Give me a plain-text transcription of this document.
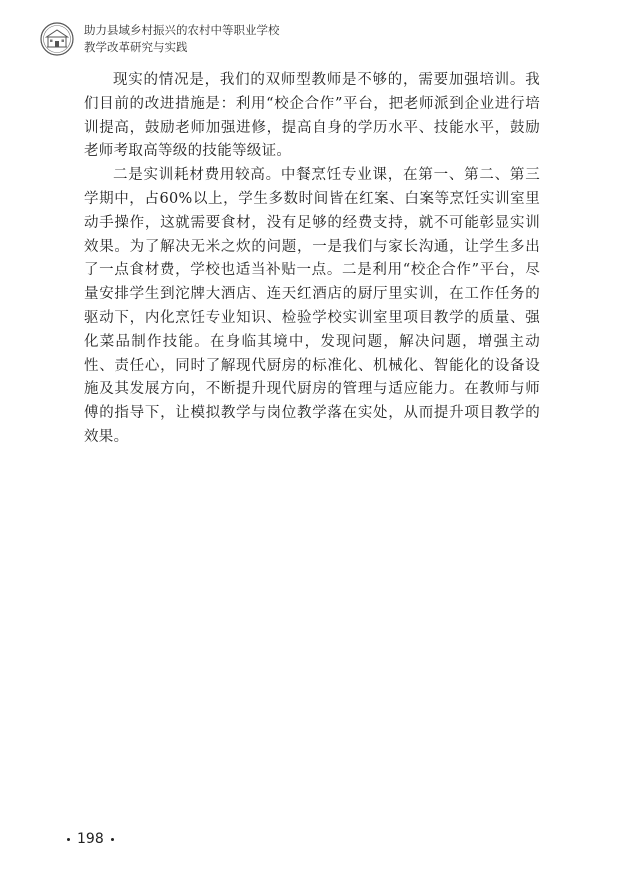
助力县域乡村振兴的农村中等职业学校
教学改革研究与实践

现实的情况是，我们的双师型教师是不够的，需要加强培训。我们目前的改进措施是：利用“校企合作”平台，把老师派到企业进行培训提高，鼓励老师加强进修，提高自身的学历水平、技能水平，鼓励老师考取高等级的技能等级证。

二是实训耗材费用较高。中餐烹饪专业课，在第一、第二、第三学期中，占60%以上，学生多数时间皆在红案、白案等烹饪实训室里动手操作，这就需要食材，没有足够的经费支持，就不可能彰显实训效果。为了解决无米之炊的问题，一是我们与家长沟通，让学生多出了一点食材费，学校也适当补贴一点。二是利用“校企合作”平台，尽量安排学生到沱牌大酒店、连天红酒店的厨厅里实训，在工作任务的驱动下，内化烹饪专业知识、检验学校实训室里项目教学的质量、强化菜品制作技能。在身临其境中，发现问题，解决问题，增强主动性、责任心，同时了解现代厨房的标准化、机械化、智能化的设备设施及其发展方向，不断提升现代厨房的管理与适应能力。在教师与师傅的指导下，让模拟教学与岗位教学落在实处，从而提升项目教学的效果。

198
